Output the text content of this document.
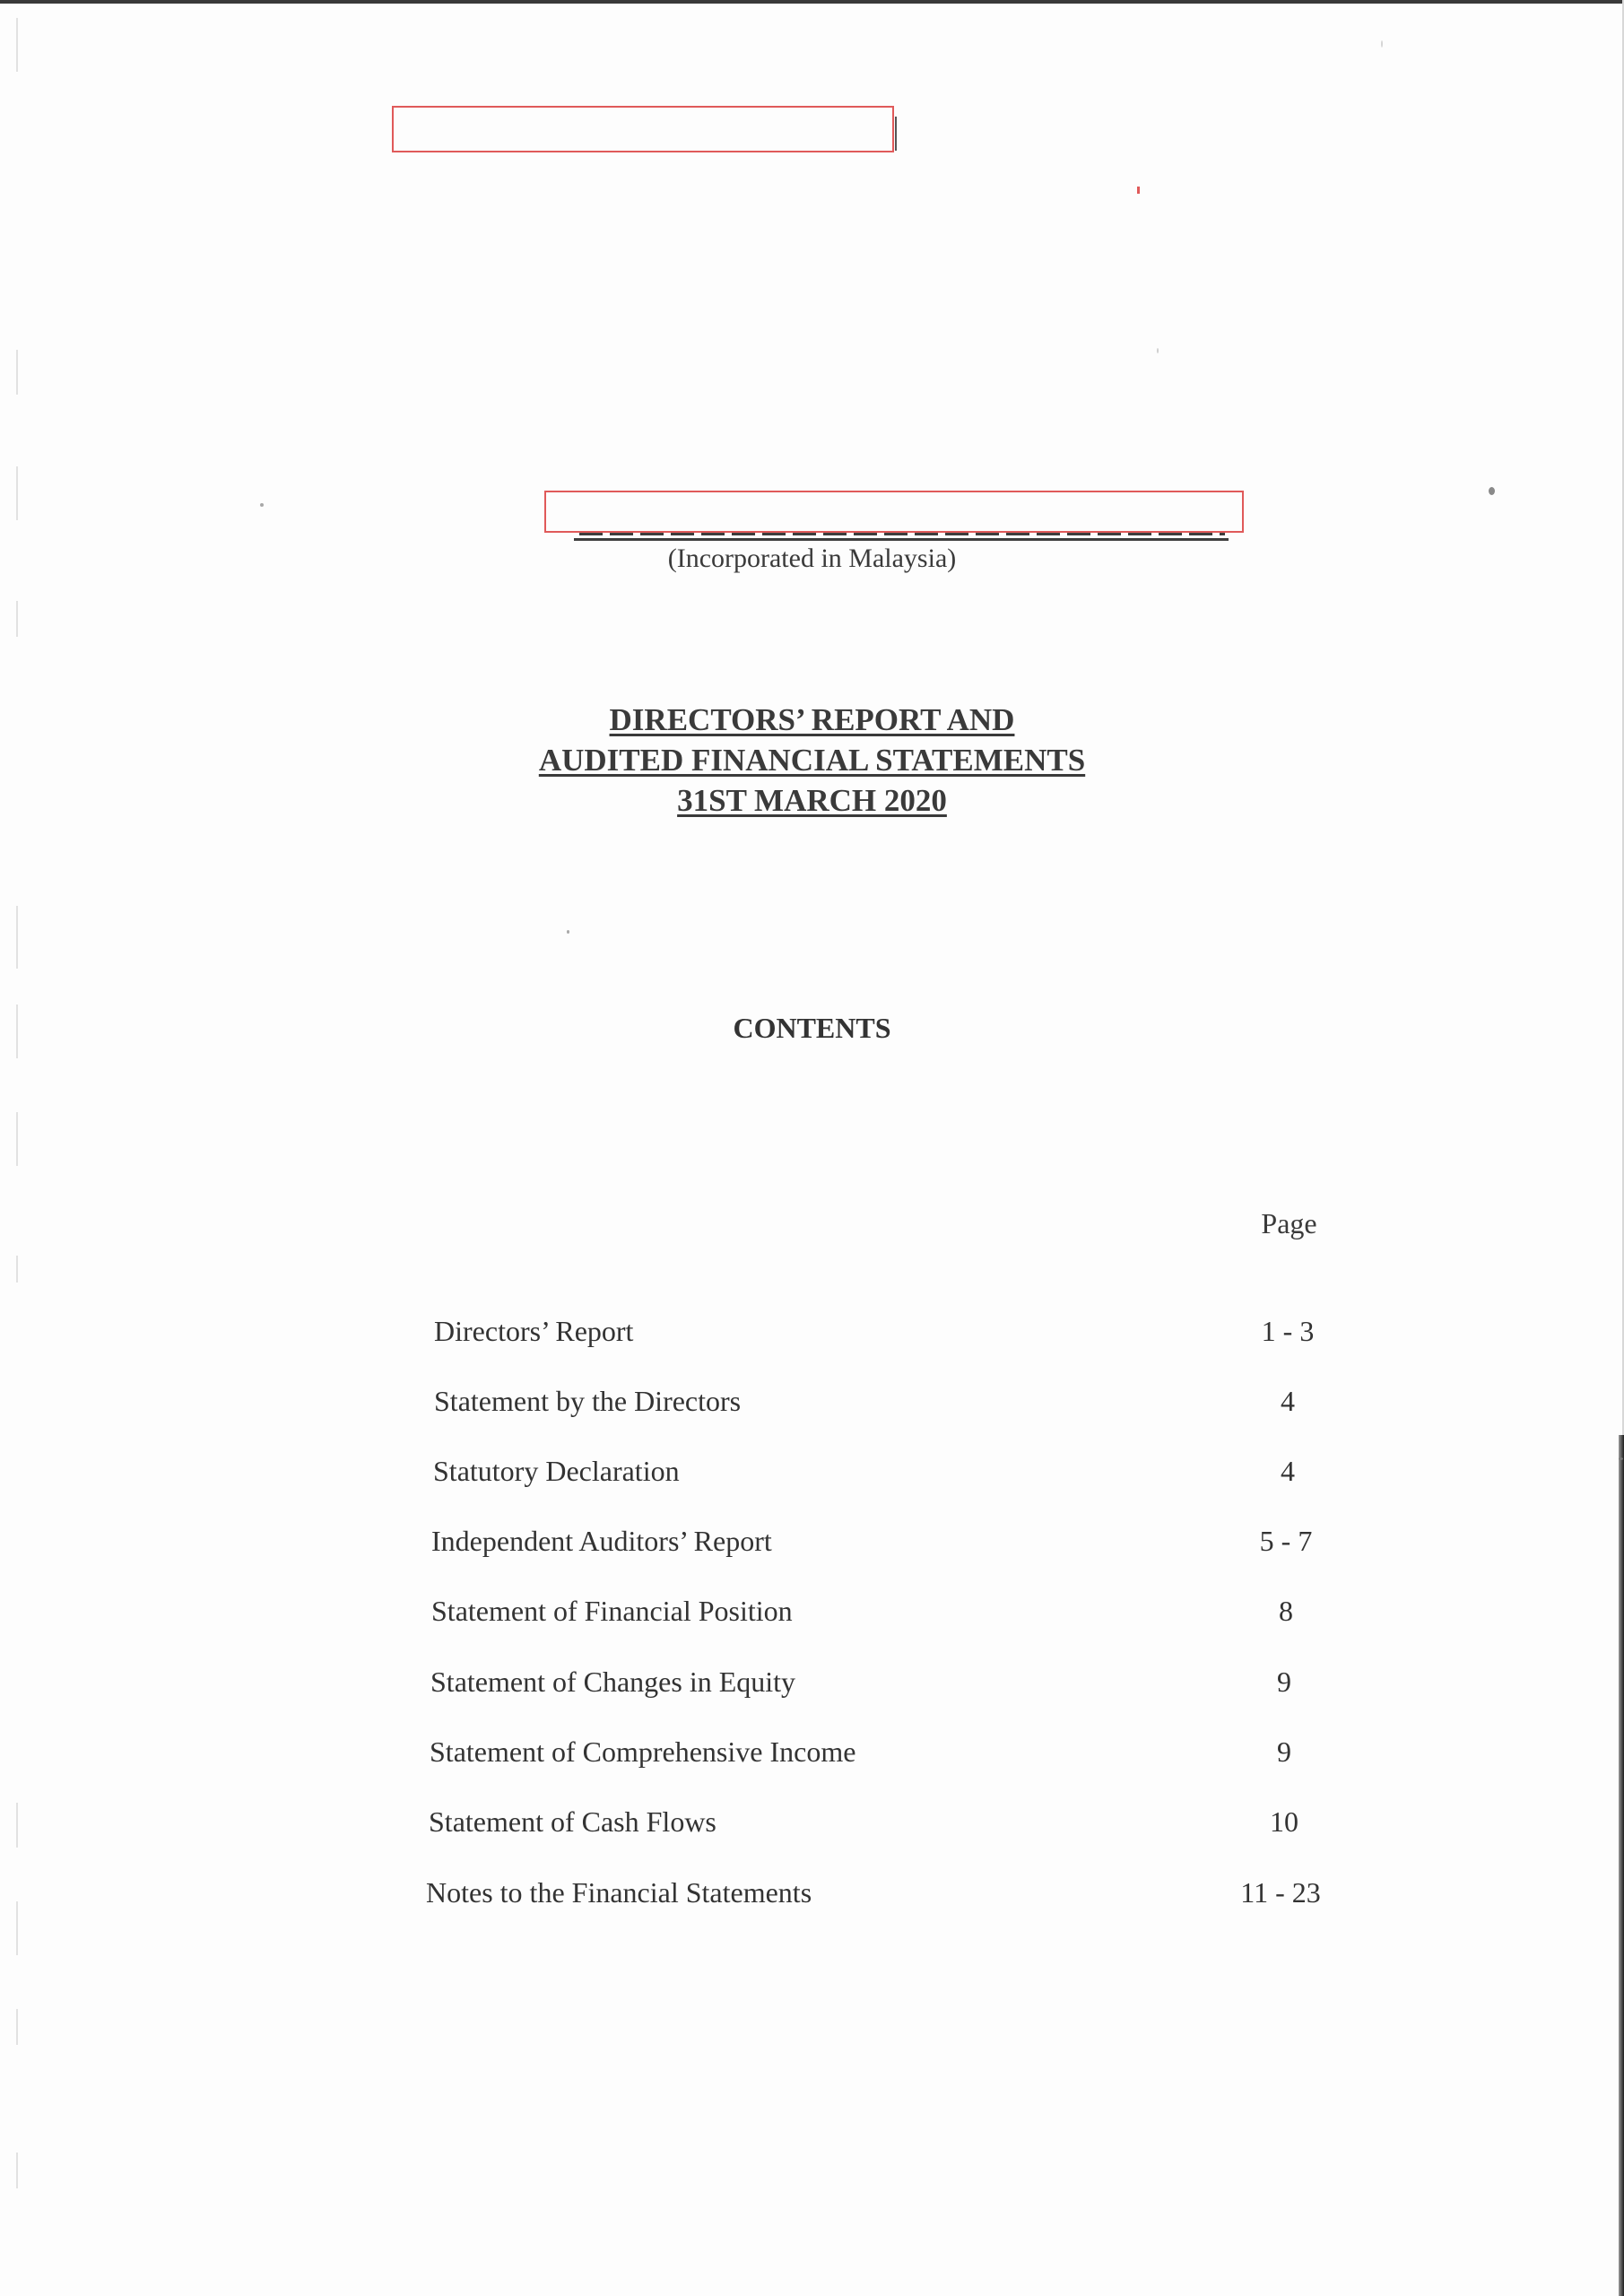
(Incorporated in Malaysia)
DIRECTORS’ REPORT AND
AUDITED FINANCIAL STATEMENTS
31ST MARCH 2020
CONTENTS
Page
Directors’ Report	1 - 3
Statement by the Directors	4
Statutory Declaration	4
Independent Auditors’ Report	5 - 7
Statement of Financial Position	8
Statement of Changes in Equity	9
Statement of Comprehensive Income	9
Statement of Cash Flows	10
Notes to the Financial Statements	11 - 23
